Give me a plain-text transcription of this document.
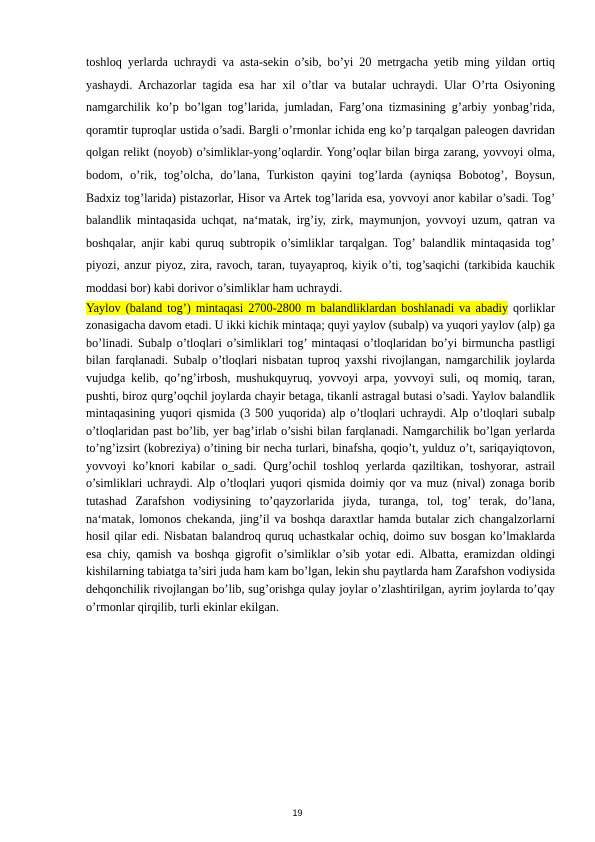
toshloq yerlarda uchraydi va asta-sekin o’sib, bo’yi 20 metrgacha yetib ming yildan ortiq yashaydi. Archazorlar tagida esa har xil o’tlar va butalar uchraydi. Ular O’rta Osiyoning namgarchilik ko’p bo’lgan tog’larida, jumladan, Farg’ona tizmasining g’arbiy yonbag’rida, qoramtir tuproqlar ustida o’sadi. Bargli o’rmonlar ichida eng ko’p tarqalgan paleogen davridan qolgan relikt (noyob) o’simliklar-yong’oqlardir. Yong’oqlar bilan birga zarang, yovvoyi olma, bodom, o’rik, tog’olcha, do’lana, Turkiston qayini tog’larda (ayniqsa Bobotog’, Boysun, Badxiz tog’larida) pistazorlar, Hisor va Artek tog’larida esa, yovvoyi anor kabilar o’sadi. Tog’ balandlik mintaqasida uchqat, na‘matak, irg’iy, zirk, maymunjon, yovvoyi uzum, qatran va boshqalar, anjir kabi quruq subtropik o’simliklar tarqalgan. Tog’ balandlik mintaqasida tog’ piyozi, anzur piyoz, zira, ravoch, taran, tuyayaproq, kiyik o’ti, tog’saqichi (tarkibida kauchik moddasi bor) kabi dorivor o’simliklar ham uchraydi.

Yaylov (baland tog’) mintaqasi 2700-2800 m balandliklardan boshlanadi va abadiy qorliklar zonasigacha davom etadi. U ikki kichik mintaqa; quyi yaylov (subalp) va yuqori yaylov (alp) ga bo’linadi. Subalp o’tloqlari o’simliklari tog’ mintaqasi o’tloqlaridan bo’yi birmuncha pastligi bilan farqlanadi. Subalp o’tloqlari nisbatan tuproq yaxshi rivojlangan, namgarchilik joylarda vujudga kelib, qo’ng’irbosh, mushukquyruq, yovvoyi arpa, yovvoyi suli, oq momiq, taran, pushti, biroz qurg’oqchil joylarda chayir betaga, tikanli astragal butasi o’sadi. Yaylov balandlik mintaqasining yuqori qismida (3 500 yuqorida) alp o’tloqlari uchraydi. Alp o’tloqlari subalp o’tloqlaridan past bo’lib, yer bag’irlab o’sishi bilan farqlanadi. Namgarchilik bo’lgan yerlarda to’ng’izsirt (kobreziya) o’tining bir necha turlari, binafsha, qoqio’t, yulduz o’t, sariqayiqtovon, yovvoyi ko’knori kabilar o_sadi. Qurg’ochil toshloq yerlarda qaziltikan, toshyorar, astrail o’simliklari uchraydi. Alp o’tloqlari yuqori qismida doimiy qor va muz (nival) zonaga borib tutashad Zarafshon vodiysining to’qayzorlarida jiyda, turanga, tol, tog’ terak, do’lana, na‘matak, lomonos chekanda, jing’il va boshqa daraxtlar hamda butalar zich changalzorlarni hosil qilar edi. Nisbatan balandroq quruq uchastkalar ochiq, doimo suv bosgan ko’lmaklarda esa chiy, qamish va boshqa gigrofit o’simliklar o’sib yotar edi. Albatta, eramizdan oldingi kishilarning tabiatga ta’siri juda ham kam bo’lgan, lekin shu paytlarda ham Zarafshon vodiysida dehqonchilik rivojlangan bo’lib, sug’orishga qulay joylar o’zlashtirilgan, ayrim joylarda to’qay o’rmonlar qirqilib, turli ekinlar ekilgan.

19
